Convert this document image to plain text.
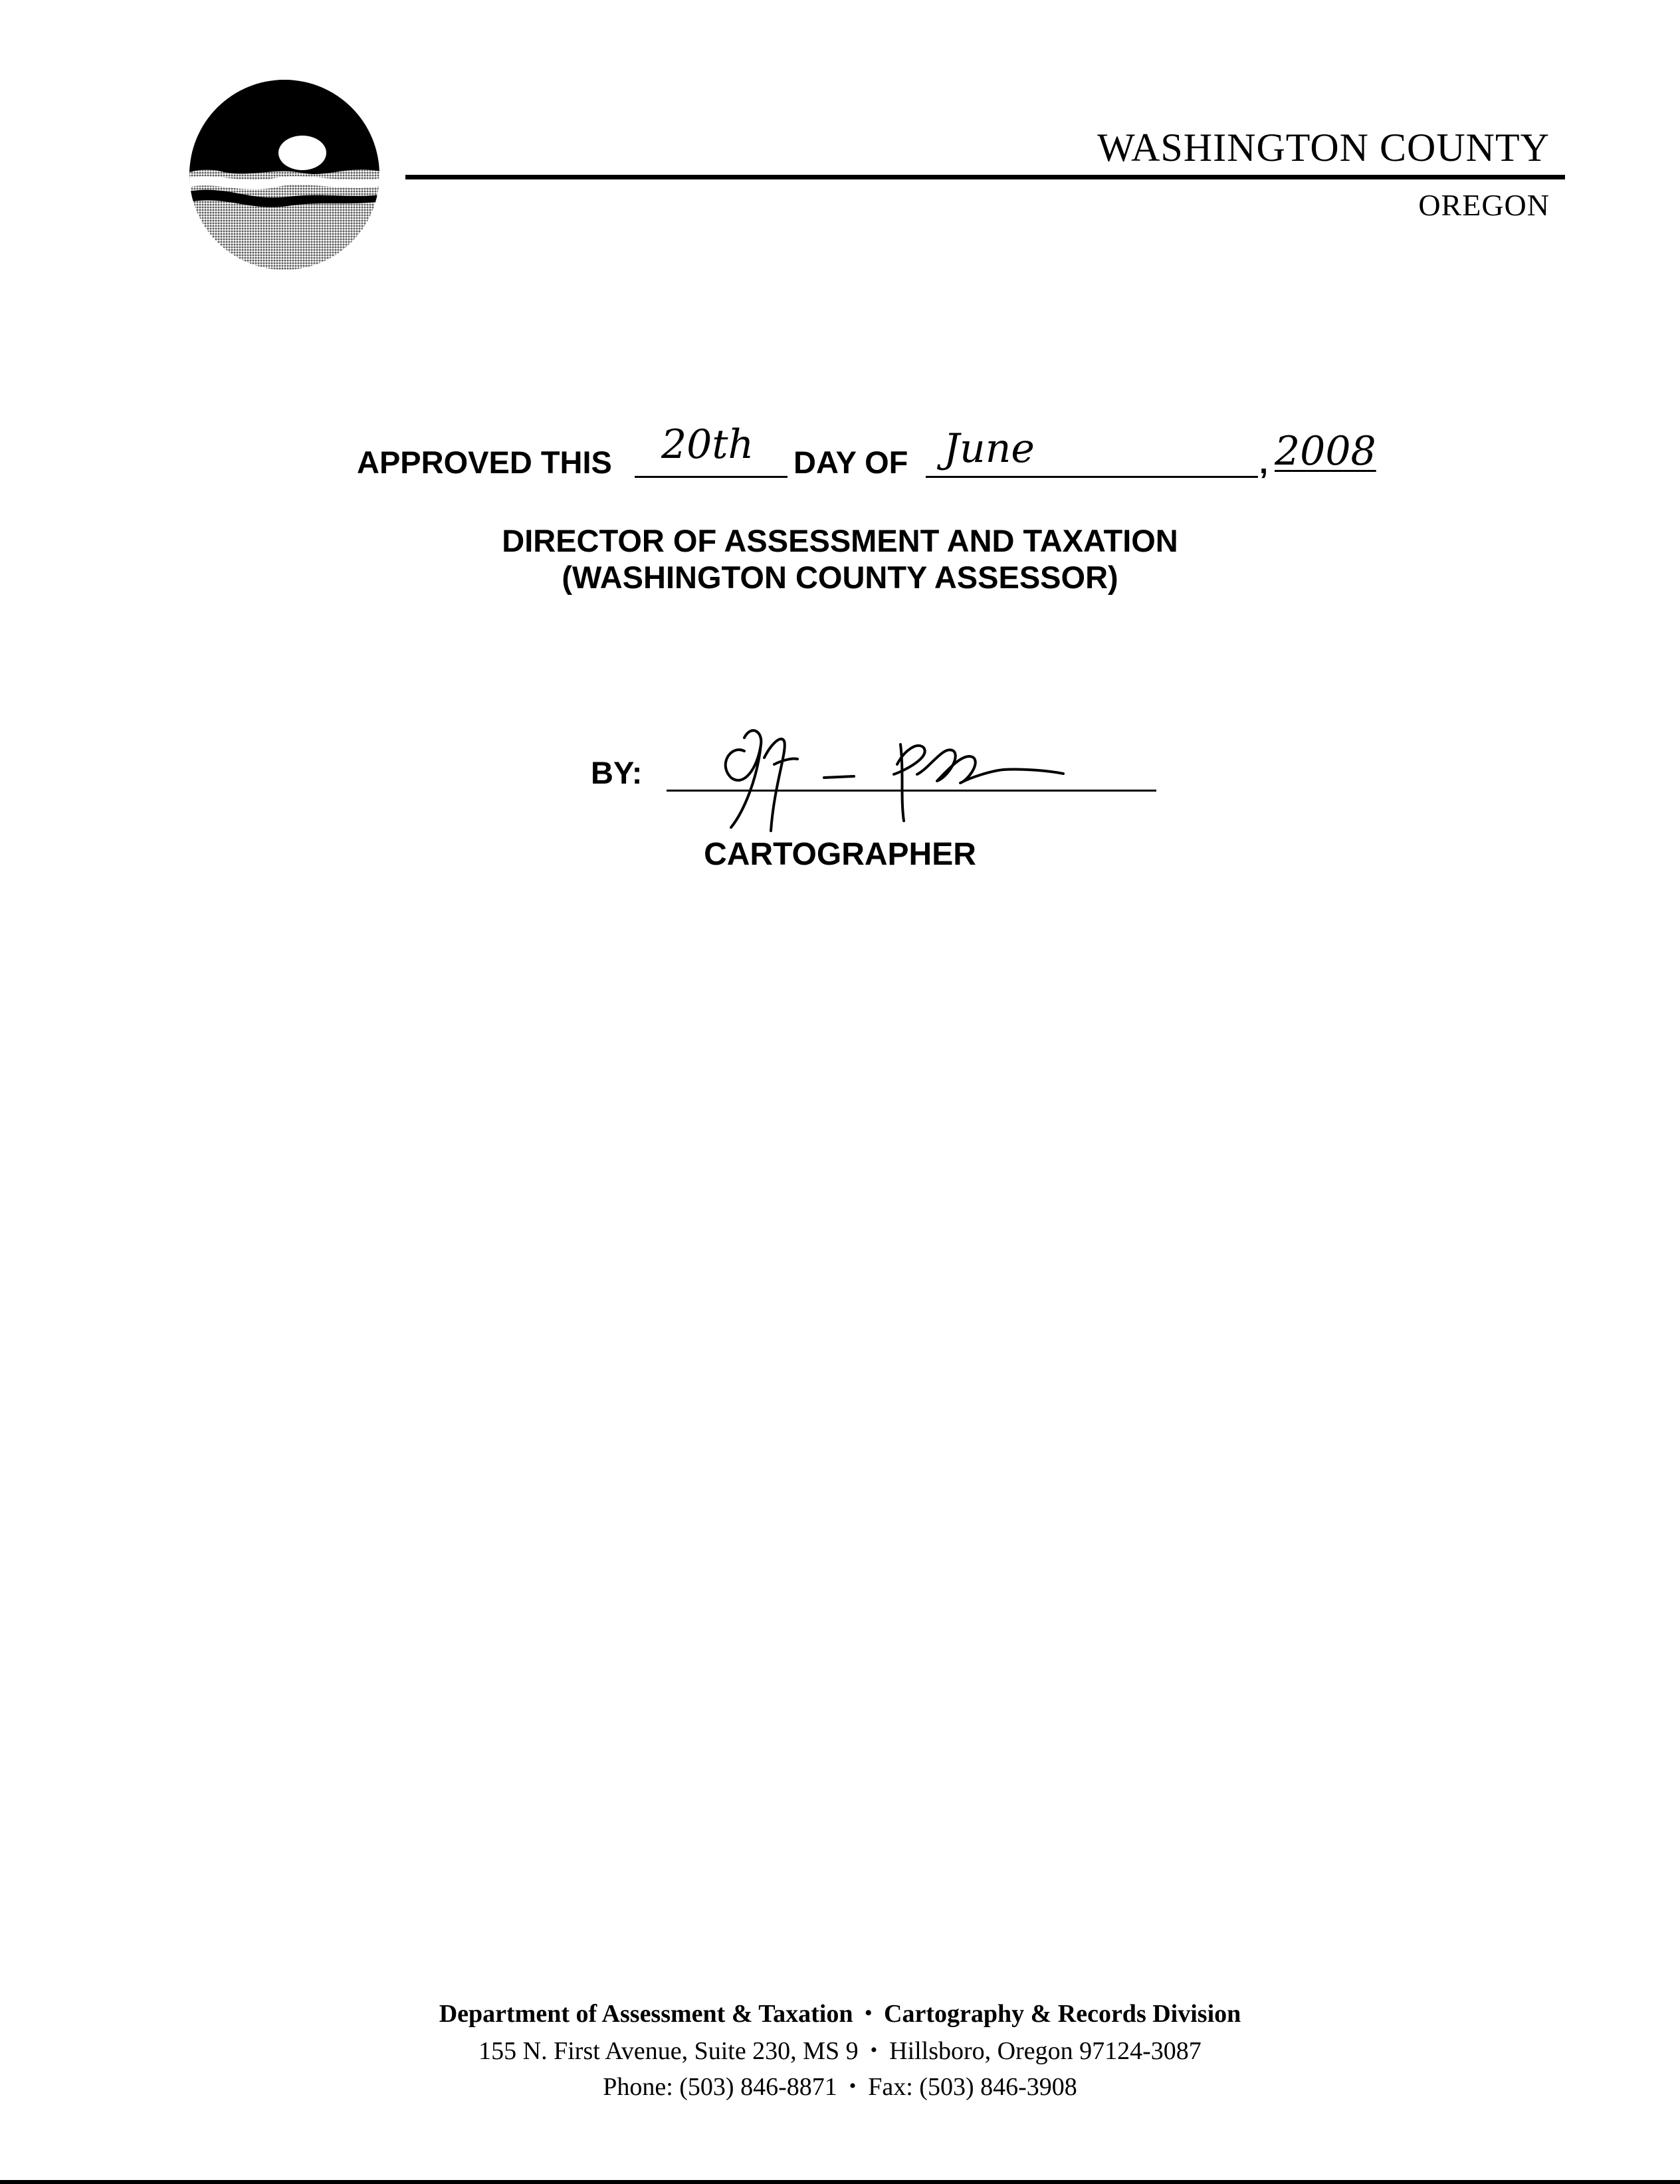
WASHINGTON COUNTY
OREGON
APPROVED THIS 20th DAY OF June	, 2008
DIRECTOR OF ASSESSMENT AND TAXATION
(WASHINGTON COUNTY ASSESSOR)
BY:
CARTOGRAPHER
Department of Assessment & Taxation • Cartography & Records Division
155 N. First Avenue, Suite 230, MS 9 • Hillsboro, Oregon 97124-3087
Phone: (503) 846-8871 • Fax: (503) 846-3908
